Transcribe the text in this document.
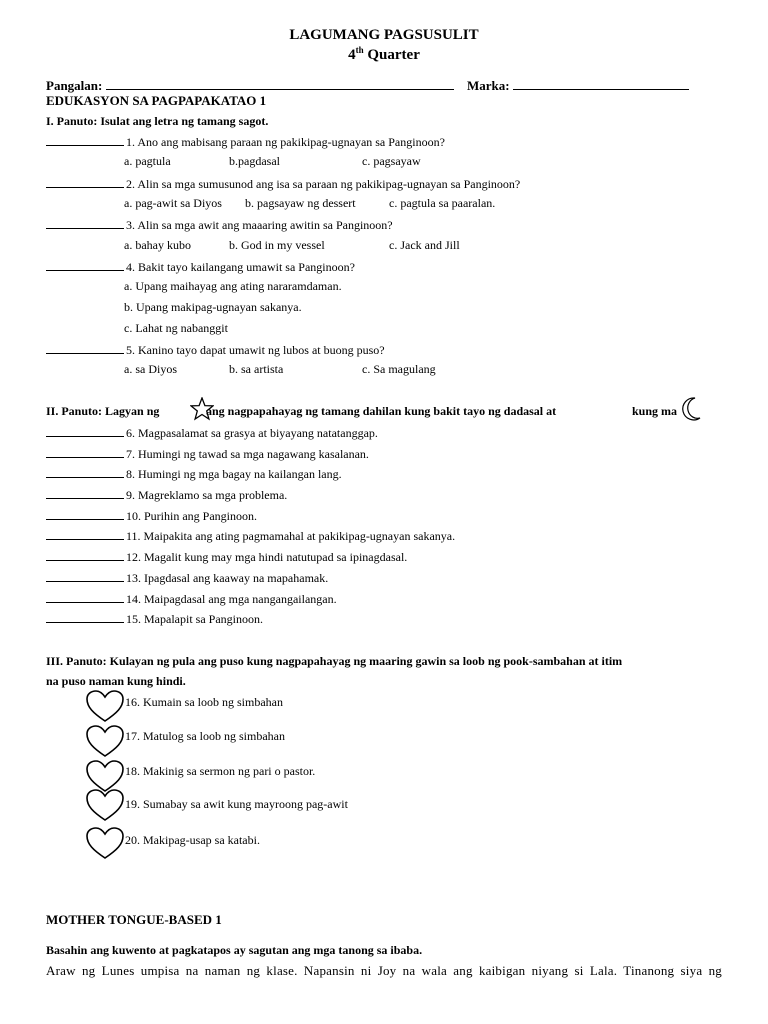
LAGUMANG PAGSUSULIT
4th Quarter
Pangalan:	Marka:
EDUKASYON SA PAGPAPAKATAO 1
I. Panuto: Isulat ang letra ng tamang sagot.
1. Ano ang mabisang paraan ng pakikipag-ugnayan sa Panginoon?
a. pagtula	b.pagdasal	c. pagsayaw
2. Alin sa mga sumusunod ang isa sa paraan ng pakikipag-ugnayan sa Panginoon?
a. pag-awit sa Diyos b. pagsayaw ng dessert	c. pagtula sa paaralan.
3. Alin sa mga awit ang maaaring awitin sa Panginoon?
a. bahay kubo	b. God in my vessel	c. Jack and Jill
4. Bakit tayo kailangang umawit sa Panginoon?
a. Upang maihayag ang ating nararamdaman.
b. Upang makipag-ugnayan sakanya.
c. Lahat ng nabanggit
5. Kanino tayo dapat umawit ng lubos at buong puso?
a. sa Diyos	b. sa artista	c. Sa magulang
II. Panuto: Lagyan ng	ang nagpapahayag ng tamang dahilan kung bakit tayo ng dadasal at	kung ma
6. Magpasalamat sa grasya at biyayang natatanggap.
7. Humingi ng tawad sa mga nagawang kasalanan.
8. Humingi ng mga bagay na kailangan lang.
9. Magreklamo sa mga problema.
10. Purihin ang Panginoon.
11. Maipakita ang ating pagmamahal at pakikipag-ugnayan sakanya.
12. Magalit kung may mga hindi natutupad sa ipinagdasal.
13. Ipagdasal ang kaaway na mapahamak.
14. Maipagdasal ang mga nangangailangan.
15. Mapalapit sa Panginoon.
III. Panuto: Kulayan ng pula ang puso kung nagpapahayag ng maaring gawin sa loob ng pook-sambahan at itim
na puso naman kung hindi.
16. Kumain sa loob ng simbahan
17. Matulog sa loob ng simbahan
18. Makinig sa sermon ng pari o pastor.
19. Sumabay sa awit kung mayroong pag-awit
20. Makipag-usap sa katabi.
MOTHER TONGUE-BASED 1
Basahin ang kuwento at pagkatapos ay sagutan ang mga tanong sa ibaba.
Araw ng Lunes umpisa na naman ng klase. Napansin ni Joy na wala ang kaibigan niyang si Lala. Tinanong siya ng
